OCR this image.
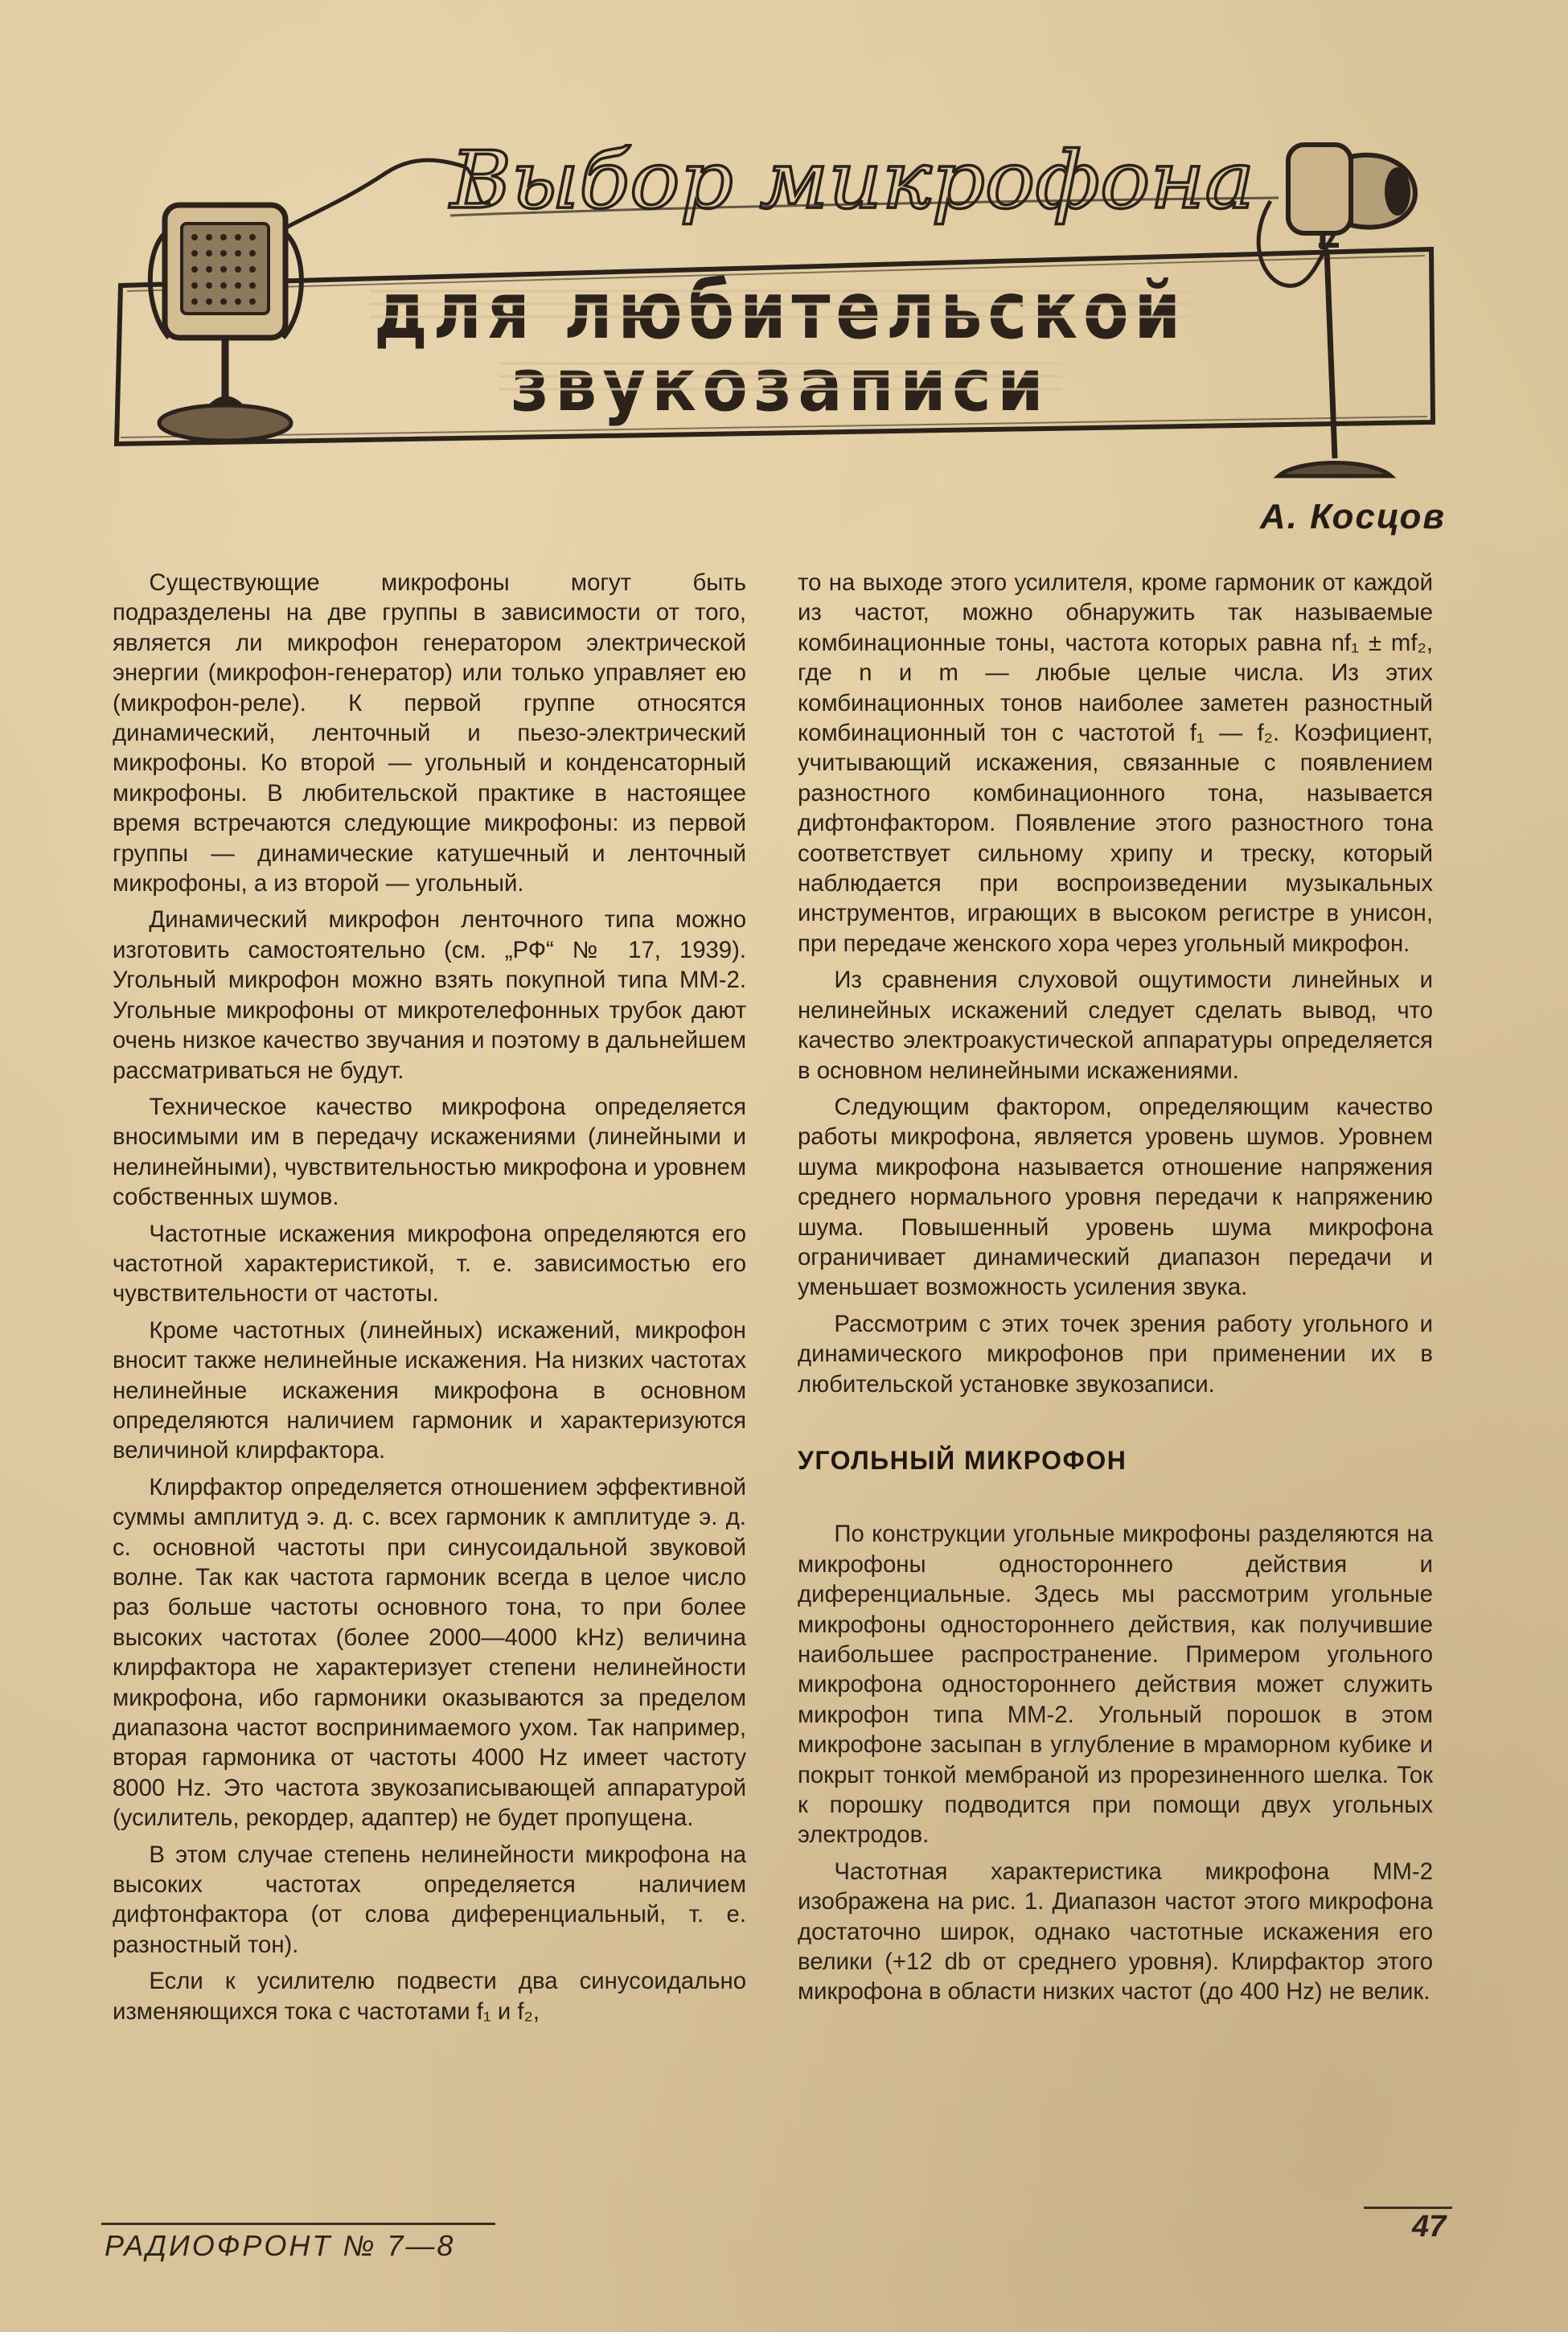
Выбор микрофона
для любительской
звукозаписи
А. Косцов

Существующие микрофоны могут быть подразделены на две группы в зависимости от того, является ли микрофон генератором электрической энергии (микрофон-генератор) или только управляет ею (микрофон-реле). К первой группе относятся динамический, ленточный и пьезо-электрический микрофоны. Ко второй — угольный и конденсаторный микрофоны. В любительской практике в настоящее время встречаются следующие микрофоны: из первой группы — динамические катушечный и ленточный микрофоны, а из второй — угольный.

Динамический микрофон ленточного типа можно изготовить самостоятельно (см. „РФ“ № 17, 1939). Угольный микрофон можно взять покупной типа ММ-2. Угольные микрофоны от микротелефонных трубок дают очень низкое качество звучания и поэтому в дальнейшем рассматриваться не будут.

Техническое качество микрофона определяется вносимыми им в передачу искажениями (линейными и нелинейными), чувствительностью микрофона и уровнем собственных шумов.

Частотные искажения микрофона определяются его частотной характеристикой, т. е. зависимостью его чувствительности от частоты.

Кроме частотных (линейных) искажений, микрофон вносит также нелинейные искажения. На низких частотах нелинейные искажения микрофона в основном определяются наличием гармоник и характеризуются величиной клирфактора.

Клирфактор определяется отношением эффективной суммы амплитуд э. д. с. всех гармоник к амплитуде э. д. с. основной частоты при синусоидальной звуковой волне. Так как частота гармоник всегда в целое число раз больше частоты основного тона, то при более высоких частотах (более 2000—4000 kHz) величина клирфактора не характеризует степени нелинейности микрофона, ибо гармоники оказываются за пределом диапазона частот воспринимаемого ухом. Так например, вторая гармоника от частоты 4000 Hz имеет частоту 8000 Hz. Это частота звукозаписывающей аппаратурой (усилитель, рекордер, адаптер) не будет пропущена.

В этом случае степень нелинейности микрофона на высоких частотах определяется наличием дифтонфактора (от слова диференциальный, т. е. разностный тон).

Если к усилителю подвести два синусоидально изменяющихся тока с частотами f₁ и f₂,

то на выходе этого усилителя, кроме гармоник от каждой из частот, можно обнаружить так называемые комбинационные тоны, частота которых равна nf₁ ± mf₂, где n и m — любые целые числа. Из этих комбинационных тонов наиболее заметен разностный комбинационный тон с частотой f₁ — f₂. Коэфициент, учитывающий искажения, связанные с появлением разностного комбинационного тона, называется дифтонфактором. Появление этого разностного тона соответствует сильному хрипу и треску, который наблюдается при воспроизведении музыкальных инструментов, играющих в высоком регистре в унисон, при передаче женского хора через угольный микрофон.

Из сравнения слуховой ощутимости линейных и нелинейных искажений следует сделать вывод, что качество электроакустической аппаратуры определяется в основном нелинейными искажениями.

Следующим фактором, определяющим качество работы микрофона, является уровень шумов. Уровнем шума микрофона называется отношение напряжения среднего нормального уровня передачи к напряжению шума. Повышенный уровень шума микрофона ограничивает динамический диапазон передачи и уменьшает возможность усиления звука.

Рассмотрим с этих точек зрения работу угольного и динамического микрофонов при применении их в любительской установке звукозаписи.

УГОЛЬНЫЙ МИКРОФОН

По конструкции угольные микрофоны разделяются на микрофоны одностороннего действия и диференциальные. Здесь мы рассмотрим угольные микрофоны одностороннего действия, как получившие наибольшее распространение. Примером угольного микрофона одностороннего действия может служить микрофон типа ММ-2. Угольный порошок в этом микрофоне засыпан в углубление в мраморном кубике и покрыт тонкой мембраной из прорезиненного шелка. Ток к порошку подводится при помощи двух угольных электродов.

Частотная характеристика микрофона ММ-2 изображена на рис. 1. Диапазон частот этого микрофона достаточно широк, однако частотные искажения его велики (+12 db от среднего уровня). Клирфактор этого микрофона в области низких частот (до 400 Hz) не велик.

РАДИОФРОНТ № 7—8
47
